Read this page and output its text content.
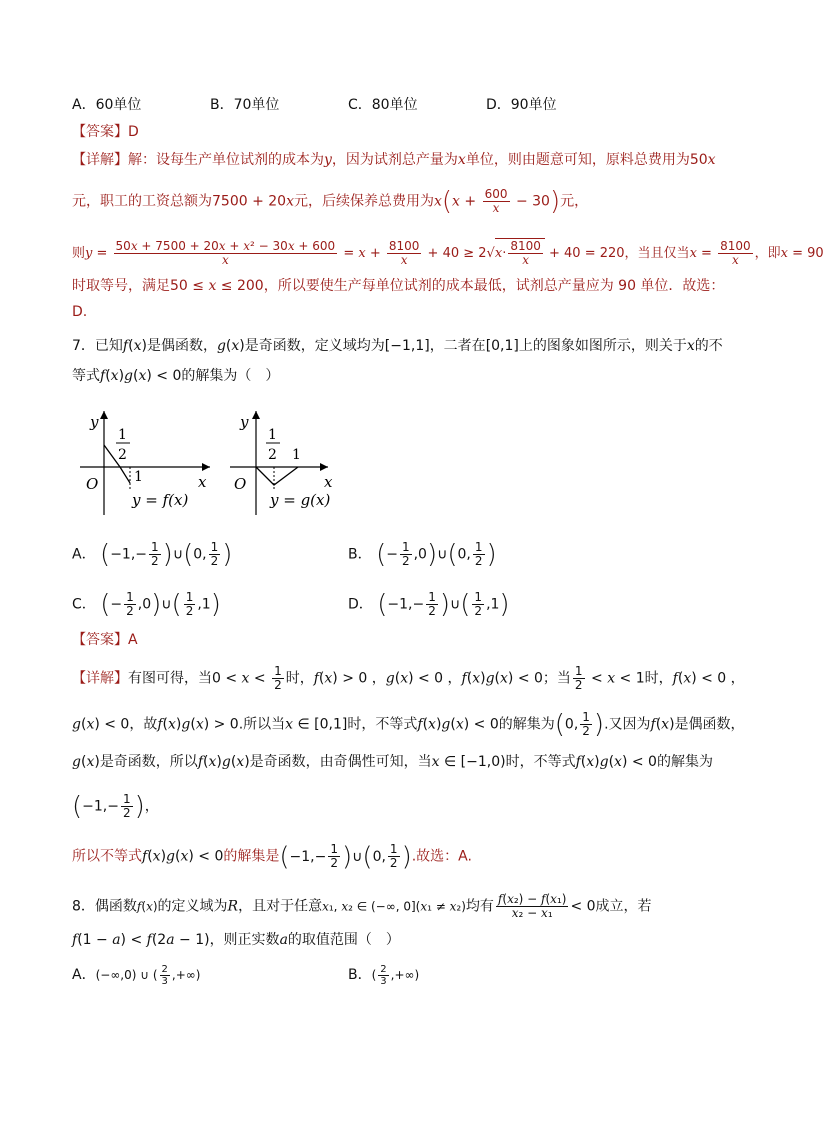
A．60单位	B．70单位	C．80单位	D．90单位
【答案】D
【详解】解：设每生产单位试剂的成本为y，因为试剂总产量为x单位，则由题意可知，原料总费用为50x
元，职工的工资总额为7500 + 20x元，后续保养总费用为$x(x + \frac{600}{x} - 30)$元，
则$y = \frac{\text{50x + 7500 + 20x + x² − 30x + 600}}{x} = x + \frac{8100}{x} + 40 \ge 2√x\cdot \frac{8100}{x} + 40 = 220$，当且仅当$x = \frac{8100}{x}$ ，即x = 90
时取等号，满足50 ≤ x ≤ 200，所以要使生产每单位试剂的成本最低，试剂总产量应为 90 单位．故选：
D.
7．已知f(x)是偶函数，g(x)是奇函数，定义域均为[−1,1]，二者在[0,1]上的图象如图所示，则关于x的不
等式f(x)g(x) < 0的解集为（　）
y
O	x
1
2
1
y = f(x)
y
O	x
1
2 1
y = g(x)
A． ($-1,- \frac{1}{2}$ )∪(0, $\frac{1}{2}$ )	B． (− $\frac{1}{2}$ ,0)∪(0, $\frac{1}{2}$ )
C． (− $\frac{1}{2}$ ,0)∪( $\frac{1}{2} ,1$)	D． ($-1,- \frac{1}{2}$ )∪( $\frac{1}{2} ,1$)
【答案】A
【详解】有图可得，当$0 < x < \frac{1}{2}$ 时，f(x) > 0 ，g(x) < 0 ，f(x)g(x) < 0；当 $\frac{1}{2} < x < 1$时，f(x) < 0 ，
g(x) < 0，故f(x)g(x) > 0.所以当x ∈ [0,1]时，不等式f(x)g(x) < 0的解集为(0, $\frac{1}{2}$ ).又因为f(x)是偶函数，
g(x)是奇函数，所以f(x)g(x)是奇函数，由奇偶性可知，当x ∈ [−1,0)时，不等式f(x)g(x) < 0的解集为
($-1,- \frac{1}{2}$ )，
所以不等式f(x)g(x) < 0的解集是($-1,- \frac{1}{2}$ )∪(0, $\frac{1}{2}$ ).故选：A.
8．偶函数f(x)的定义域为R，且对于任意x₁, x₂ ∈ (−∞, 0](x₁ ≠ x₂)均有 $\frac{\text{f(x₂) − f(x₁)}}{\text{x₂ − x₁}} < 0$成立，若
f(1 − a) < f(2a − 1)，则正实数a的取值范围（　）
A．(−∞,0) ∪ ( $\frac{2}{3}$ ,+∞)	B．( $\frac{2}{3}$ ,+∞)
